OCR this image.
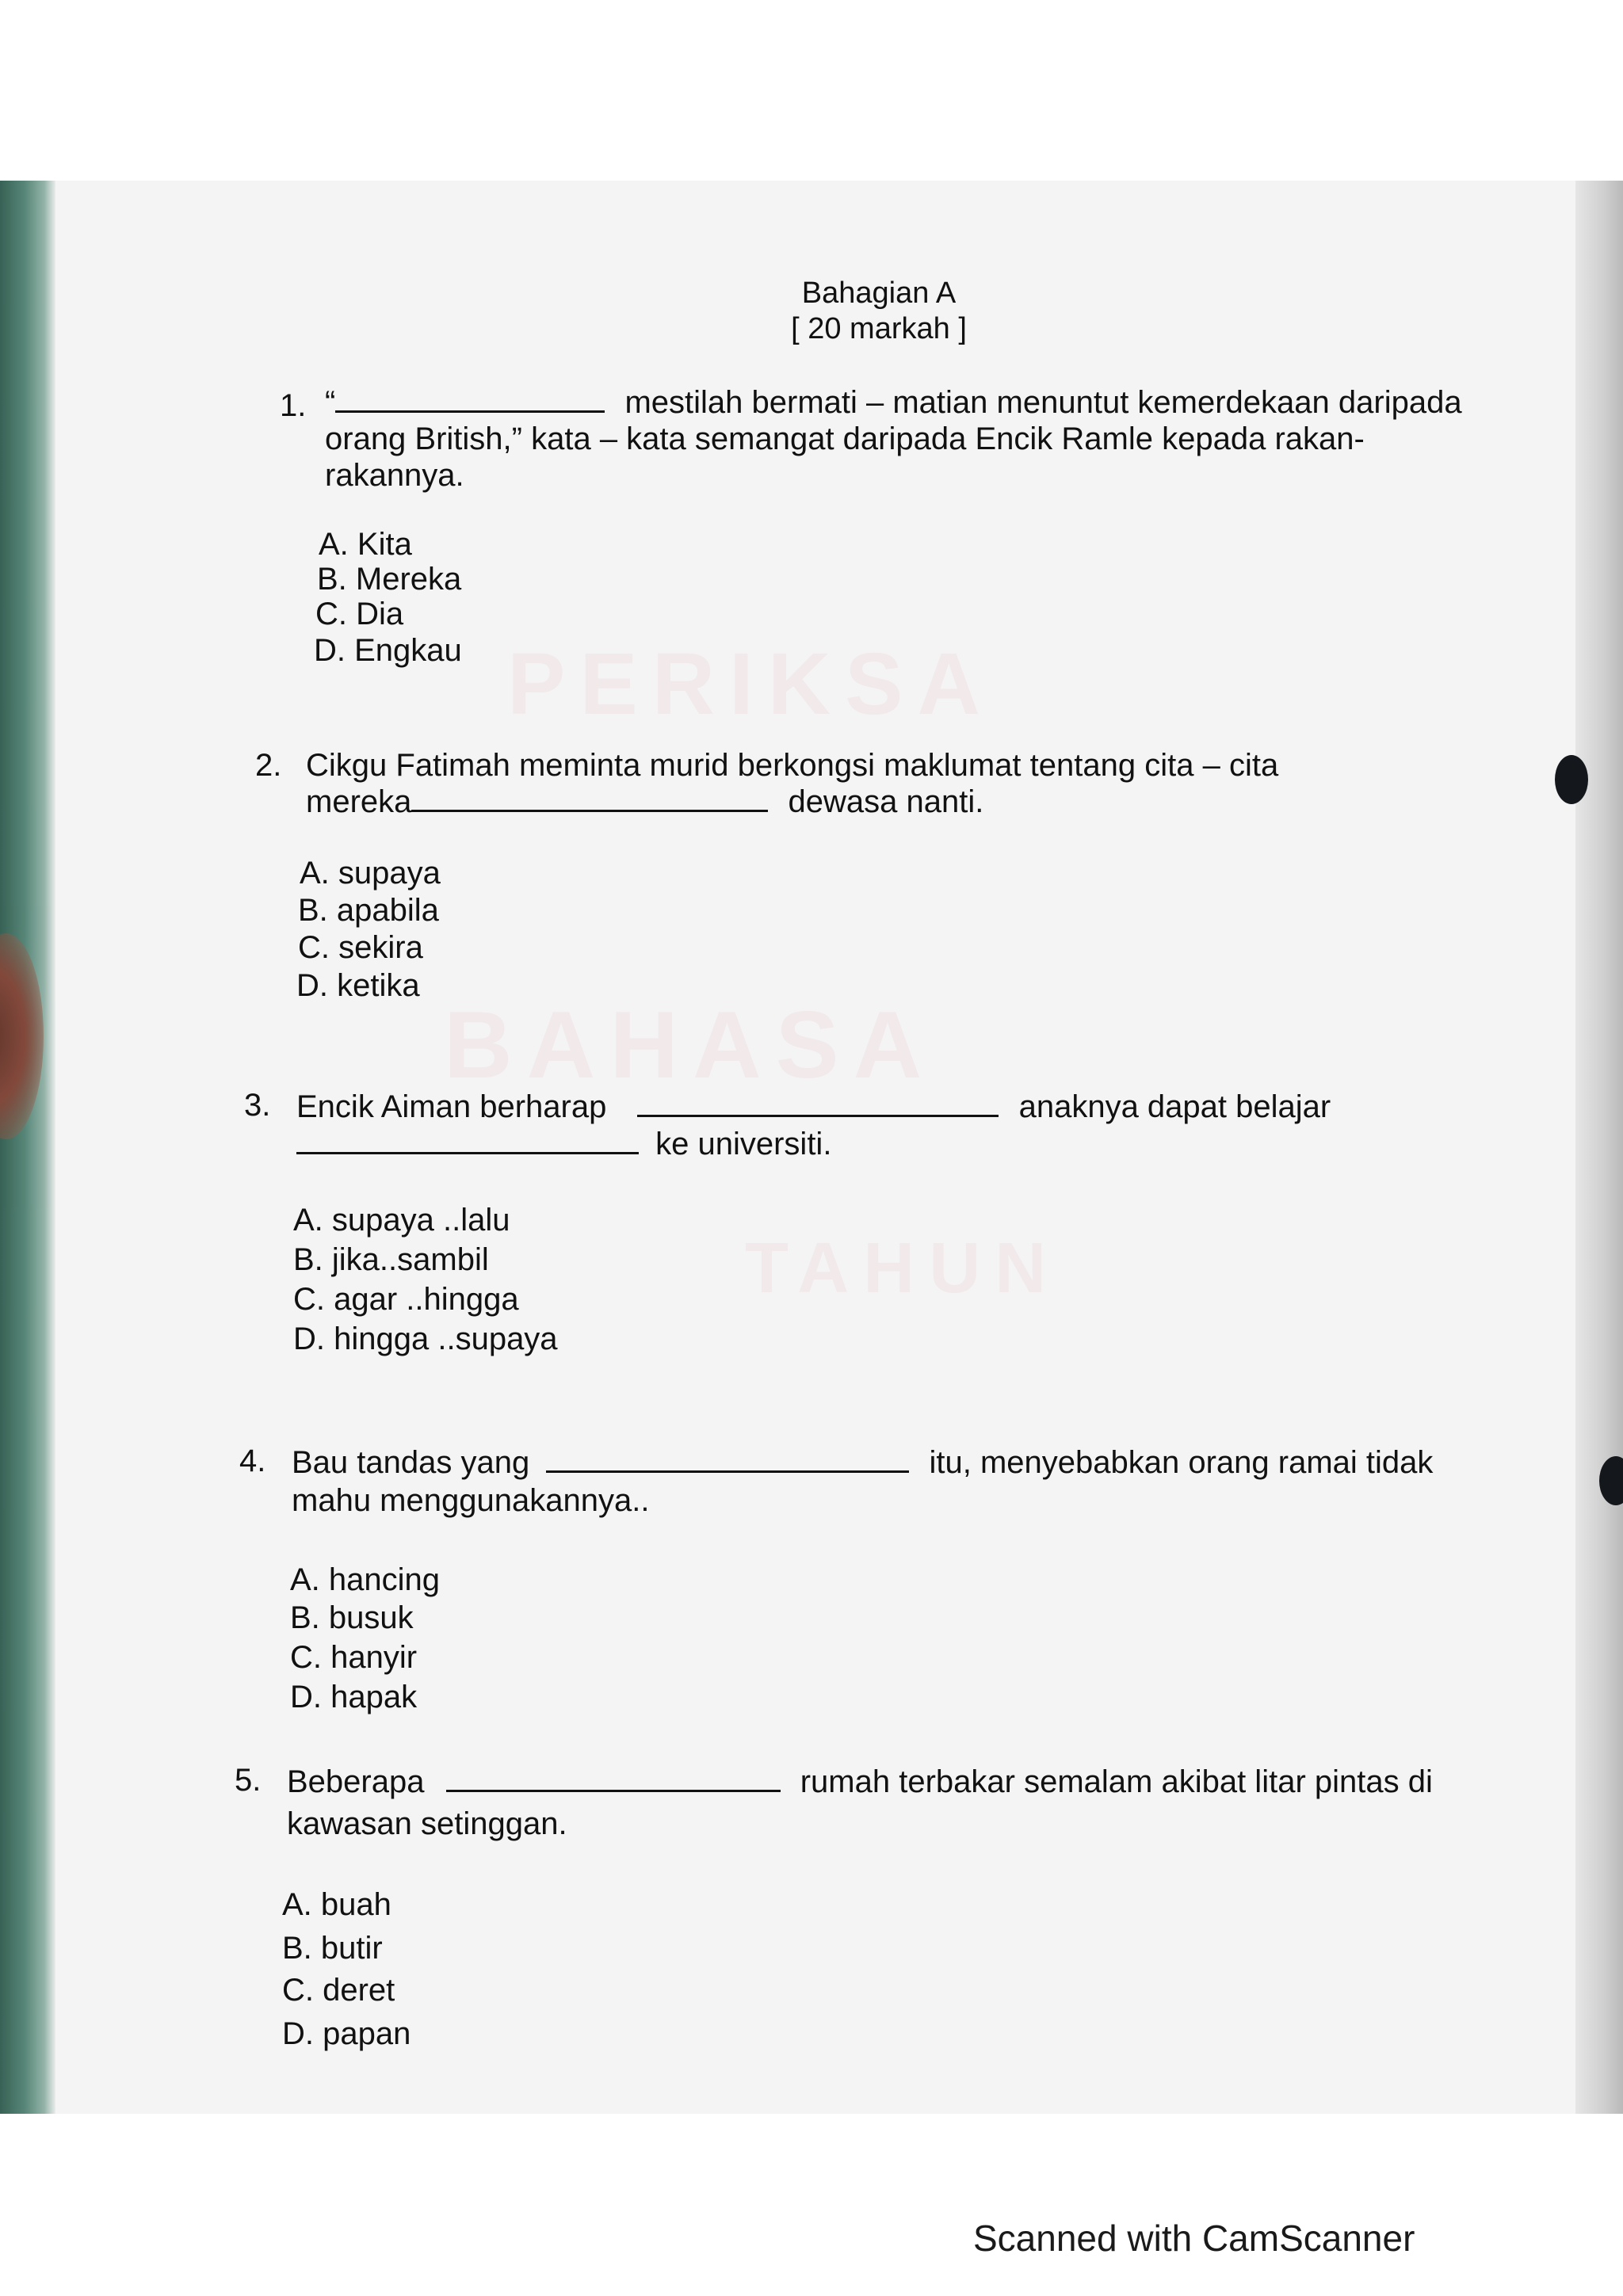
PERIKSA
BAHASA
TAHUN
Bahagian A
[ 20 markah ]
1. “	mestilah bermati – matian menuntut kemerdekaan daripada
orang British,” kata – kata semangat daripada Encik Ramle kepada rakan-
rakannya.
A. Kita
B. Mereka
C. Dia
D. Engkau
2. Cikgu Fatimah meminta murid berkongsi maklumat tentang cita – cita
mereka	dewasa nanti.
A. supaya
B. apabila
C. sekira
D. ketika
3. Encik Aiman berharap	anaknya dapat belajar
ke universiti.
A. supaya ..lalu
B. jika..sambil
C. agar ..hingga
D. hingga ..supaya
4. Bau tandas yang	itu, menyebabkan orang ramai tidak
mahu menggunakannya..
A. hancing
B. busuk
C. hanyir
D. hapak
5. Beberapa	rumah terbakar semalam akibat litar pintas di
kawasan setinggan.
A. buah
B. butir
C. deret
D. papan
Scanned with CamScanner
